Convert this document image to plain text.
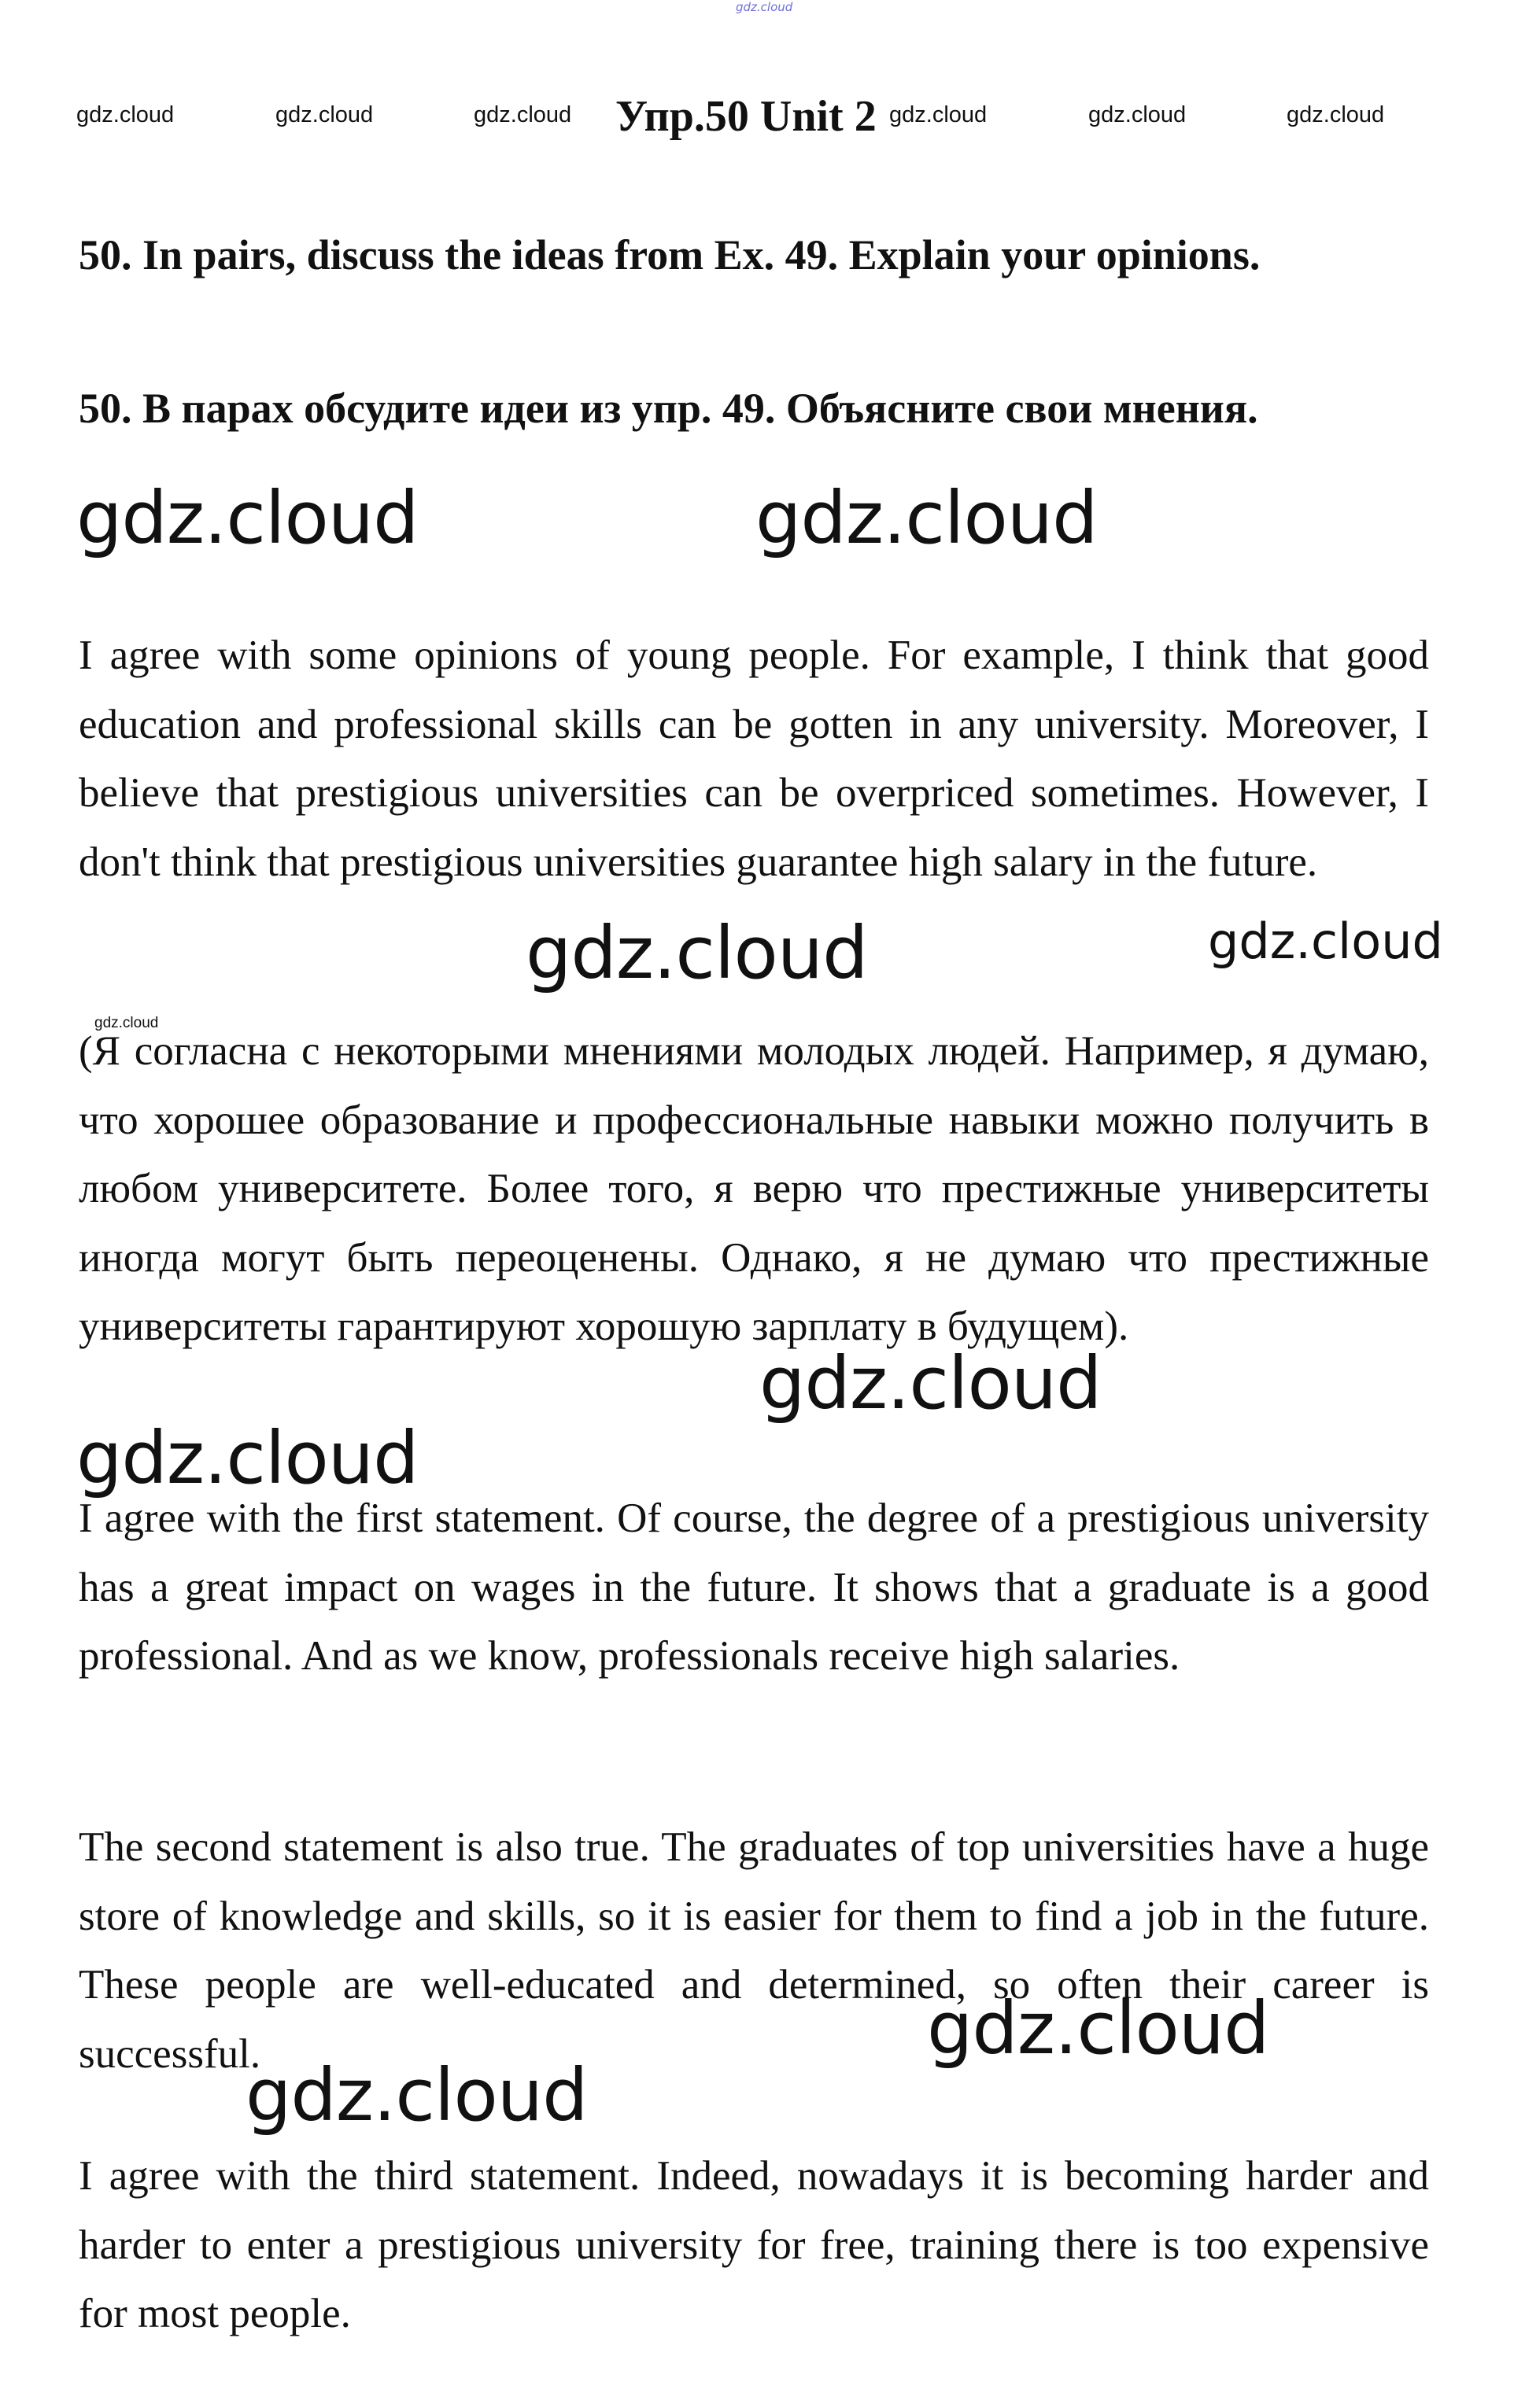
gdz.cloud
gdz.cloud	gdz.cloud	gdz.cloud Упр.50 Unit 2 gdz.cloud	gdz.cloud	gdz.cloud
50. In pairs, discuss the ideas from Ex. 49. Explain your opinions.
50. В парах обсудите идеи из упр. 49. Объясните свои мнения.
gdz.cloud	gdz.cloud
I agree with some opinions of young people. For example, I think that good education and professional skills can be gotten in any university. Moreover, I believe that prestigious universities can be overpriced sometimes. However, I don't think that prestigious universities guarantee high salary in the future.
gdz.cloud	gdz.cloud
gdz.cloud
(Я согласна с некоторыми мнениями молодых людей. Например, я думаю, что хорошее образование и профессиональные навыки можно получить в любом университете. Более того, я верю что престижные университеты иногда могут быть переоценены. Однако, я не думаю что престижные университеты гарантируют хорошую зарплату в будущем).
gdz.cloud
gdz.cloud
I agree with the first statement. Of course, the degree of a prestigious university has a great impact on wages in the future. It shows that a graduate is a good professional. And as we know, professionals receive high salaries.
The second statement is also true. The graduates of top universities have a huge store of knowledge and skills, so it is easier for them to find a job in the future. These people are well-educated and determined, so often their career is successful.	gdz.cloud
gdz.cloud
I agree with the third statement. Indeed, nowadays it is becoming harder and harder to enter a prestigious university for free, training there is too expensive for most people.
